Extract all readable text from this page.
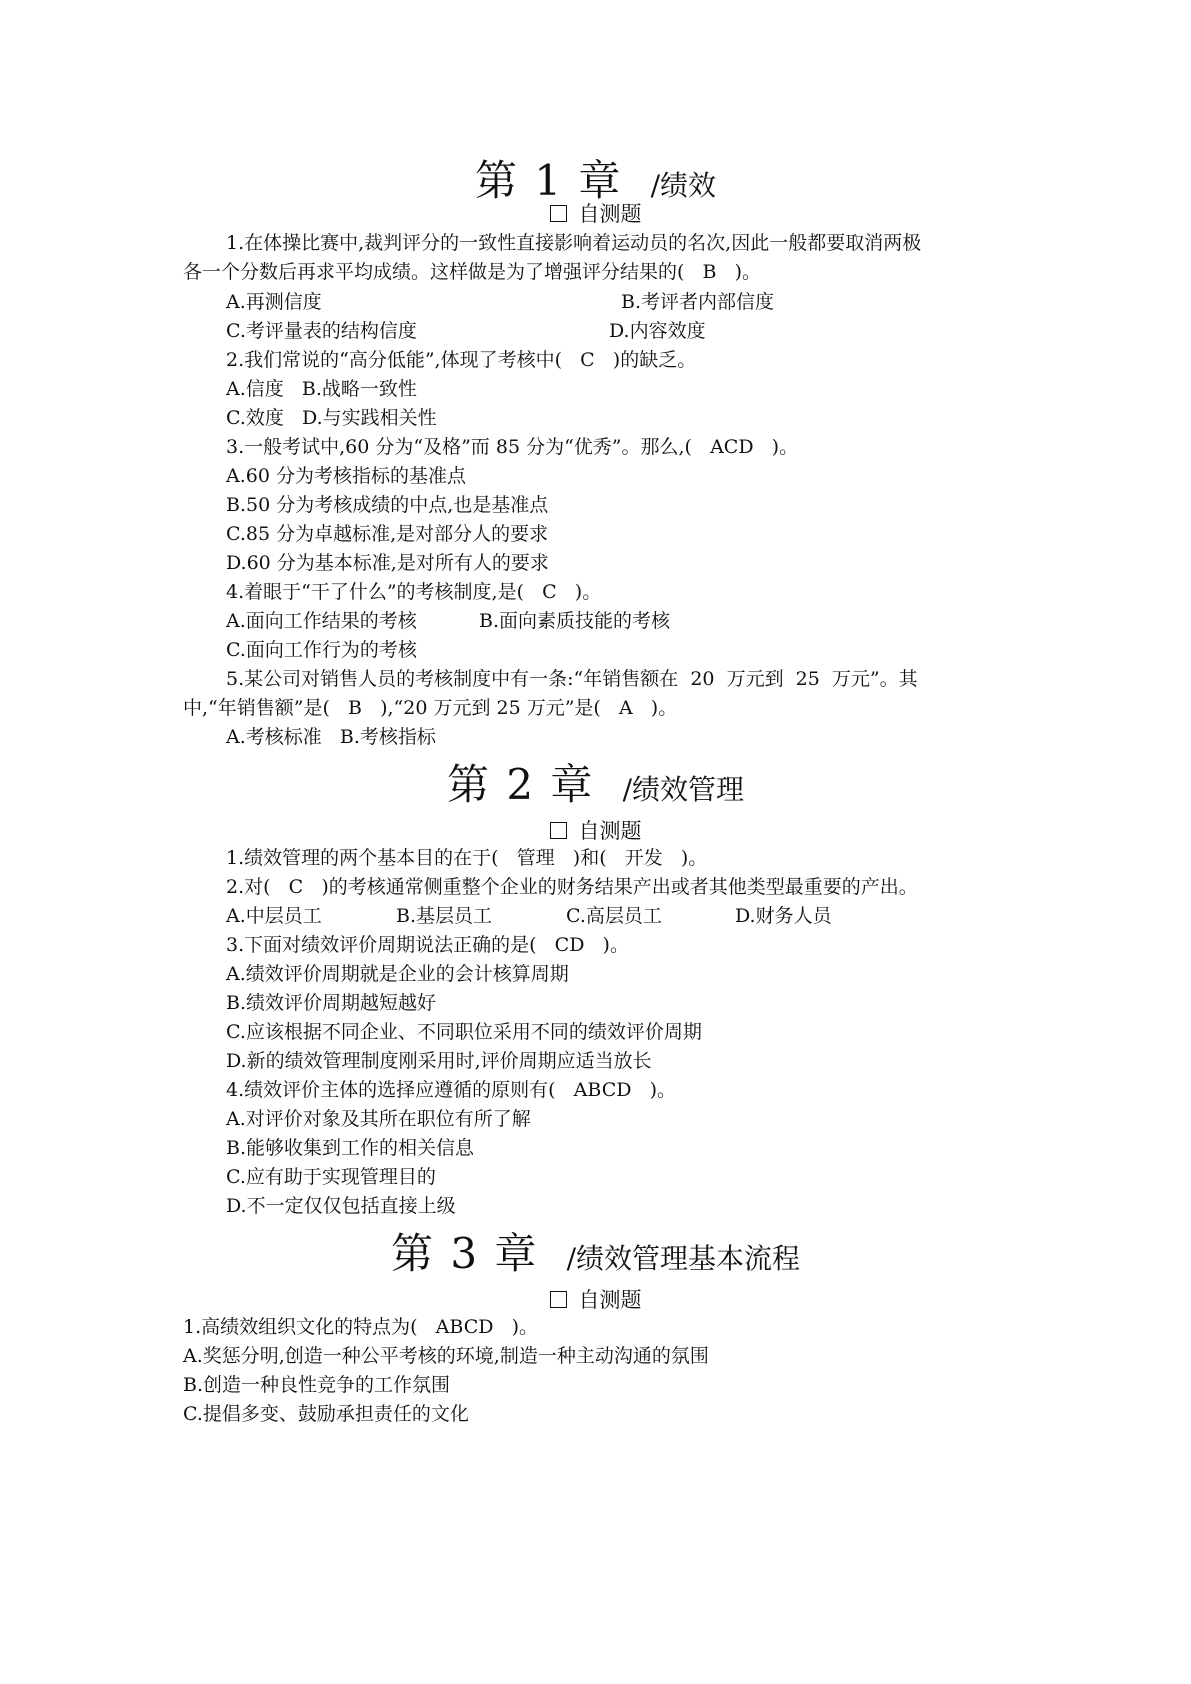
第 1 章 /绩效
自测题
1.在体操比赛中,裁判评分的一致性直接影响着运动员的名次,因此一般都要取消两极
各一个分数后再求平均成绩。这样做是为了增强评分结果的(   B   )。
A.再测信度	B.考评者内部信度
C.考评量表的结构信度	D.内容效度
2.我们常说的“高分低能”,体现了考核中(   C   )的缺乏。
A.信度   B.战略一致性
C.效度   D.与实践相关性
3.一般考试中,60 分为“及格”而 85 分为“优秀”。那么,(   ACD   )。
A.60 分为考核指标的基准点
B.50 分为考核成绩的中点,也是基准点
C.85 分为卓越标准,是对部分人的要求
D.60 分为基本标准,是对所有人的要求
4.着眼于“干了什么”的考核制度,是(   C   )。
A.面向工作结果的考核	B.面向素质技能的考核
C.面向工作行为的考核
5.某公司对销售人员的考核制度中有一条:“年销售额在  20  万元到  25  万元”。其
中,“年销售额”是(   B   ),“20 万元到 25 万元”是(   A   )。
A.考核标准   B.考核指标
第 2 章 /绩效管理
自测题
1.绩效管理的两个基本目的在于(   管理   )和(   开发   )。
2.对(   C   )的考核通常侧重整个企业的财务结果产出或者其他类型最重要的产出。
A.中层员工	B.基层员工	C.高层员工	D.财务人员
3.下面对绩效评价周期说法正确的是(   CD   )。
A.绩效评价周期就是企业的会计核算周期
B.绩效评价周期越短越好
C.应该根据不同企业、不同职位采用不同的绩效评价周期
D.新的绩效管理制度刚采用时,评价周期应适当放长
4.绩效评价主体的选择应遵循的原则有(   ABCD   )。
A.对评价对象及其所在职位有所了解
B.能够收集到工作的相关信息
C.应有助于实现管理目的
D.不一定仅仅包括直接上级
第 3 章 /绩效管理基本流程
自测题
1.高绩效组织文化的特点为(   ABCD   )。
A.奖惩分明,创造一种公平考核的环境,制造一种主动沟通的氛围
B.创造一种良性竞争的工作氛围
C.提倡多变、鼓励承担责任的文化
